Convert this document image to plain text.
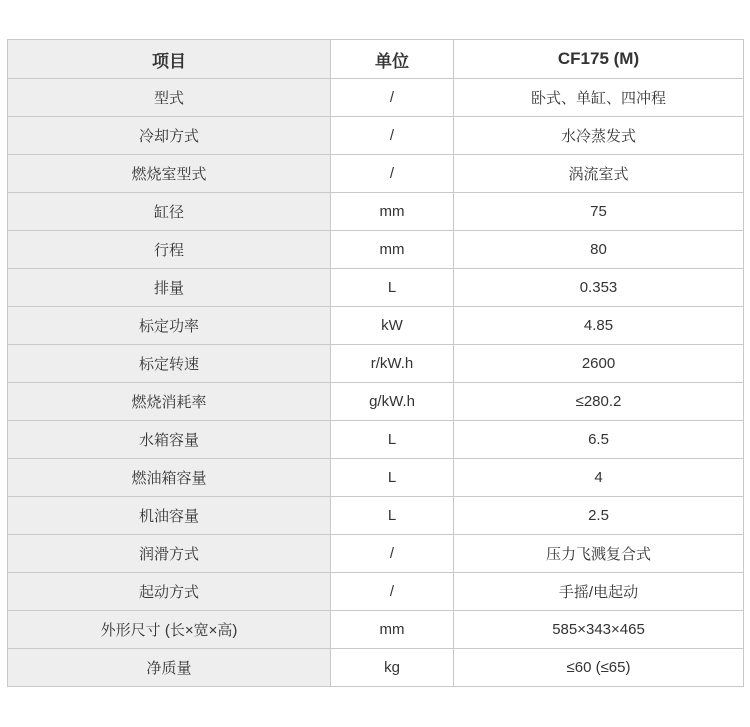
项目	单位	CF175 (M)
型式	/	卧式、单缸、四冲程
冷却方式	/	水冷蒸发式
燃烧室型式	/	涡流室式
缸径	mm	75
行程	mm	80
排量	L	0.353
标定功率	kW	4.85
标定转速	r/kW.h	2600
燃烧消耗率	g/kW.h	≤280.2
水箱容量	L	6.5
燃油箱容量	L	4
机油容量	L	2.5
润滑方式	/	压力飞溅复合式
起动方式	/	手摇/电起动
外形尺寸 (长×宽×高)	mm	585×343×465
净质量	kg	≤60 (≤65)
